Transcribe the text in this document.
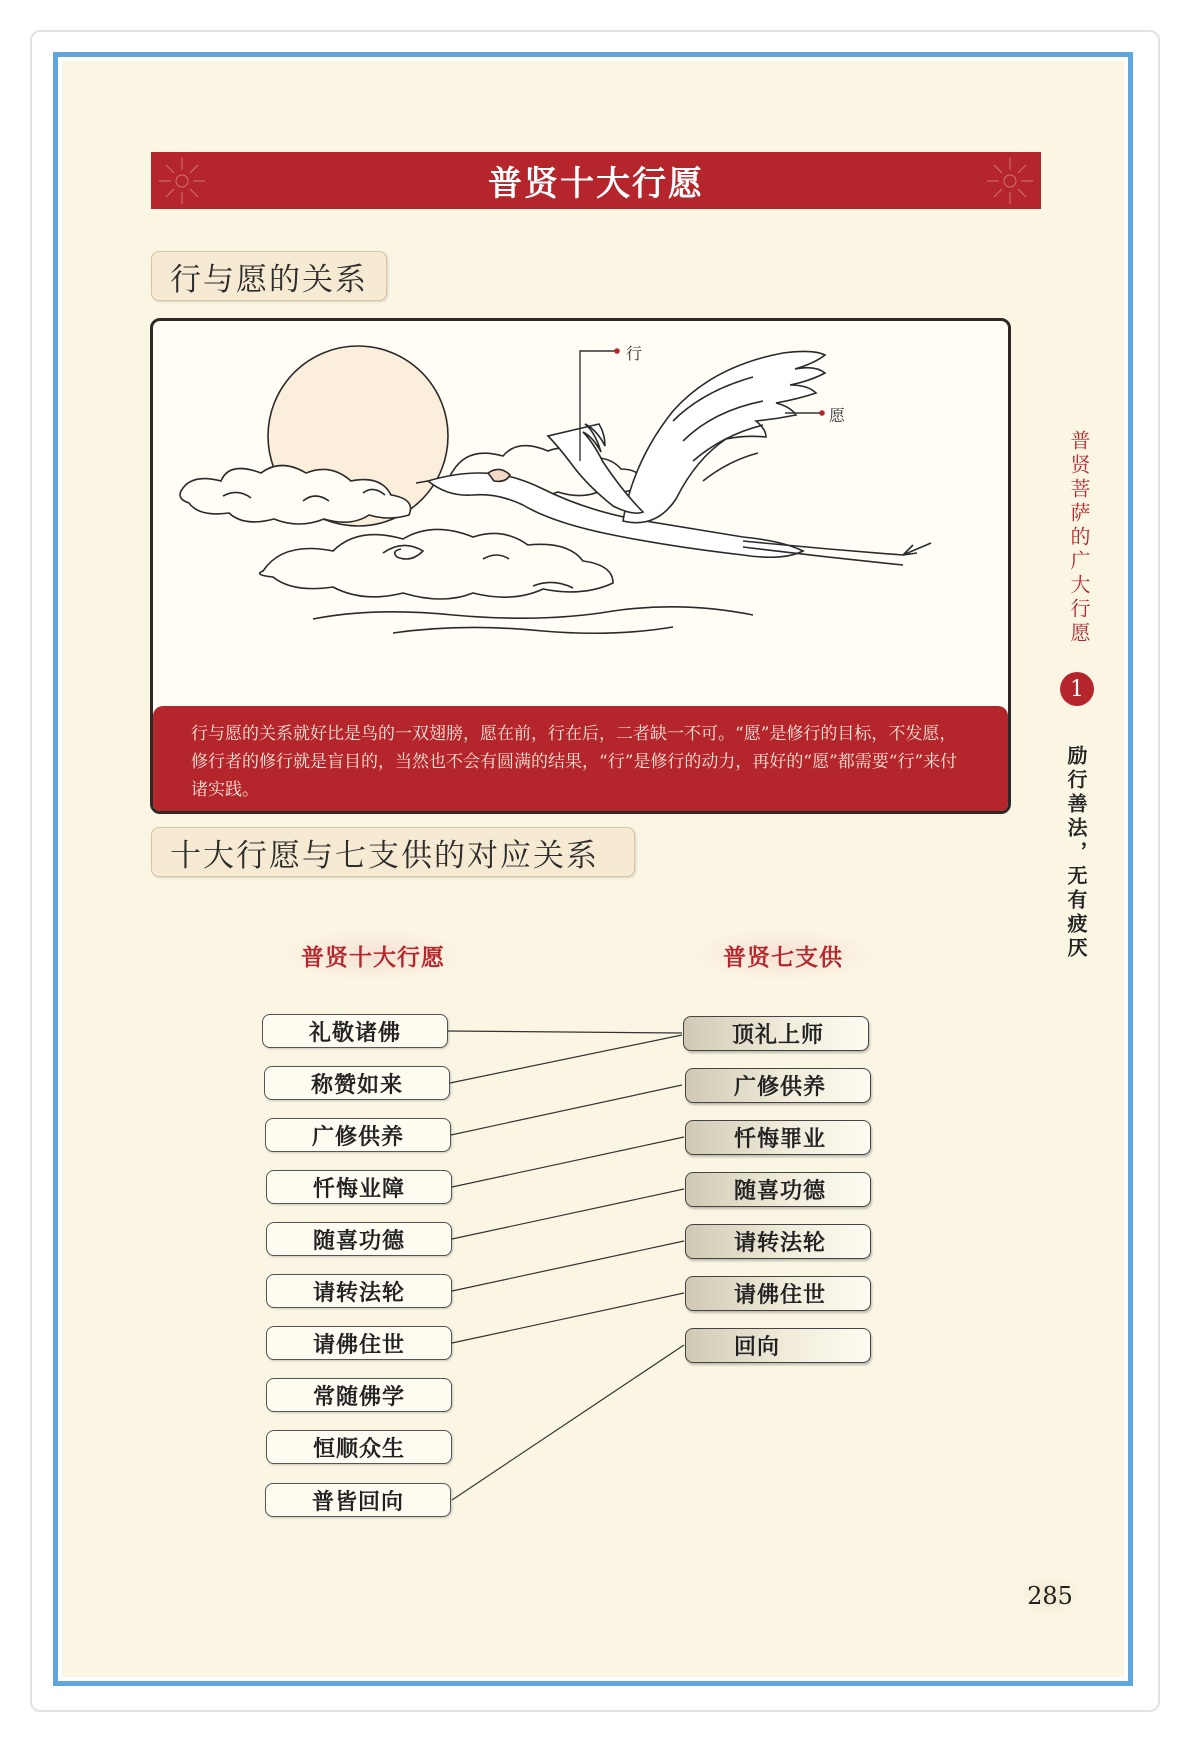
普贤十大行愿
行与愿的关系
行
愿
行与愿的关系就好比是鸟的一双翅膀，愿在前，行在后，二者缺一不可。“愿”是修行的目标，不发愿，修行者的修行就是盲目的，当然也不会有圆满的结果，“行”是修行的动力，再好的“愿”都需要“行”来付诸实践。
十大行愿与七支供的对应关系
普贤十大行愿	普贤七支供
礼敬诸佛
称赞如来
广修供养
忏悔业障
随喜功德
请转法轮
请佛住世
常随佛学
恒顺众生
普皆回向
顶礼上师
广修供养
忏悔罪业
随喜功德
请转法轮
请佛住世
回向
普贤菩萨的广大行愿
1
励行善法，无有疲厌
285
